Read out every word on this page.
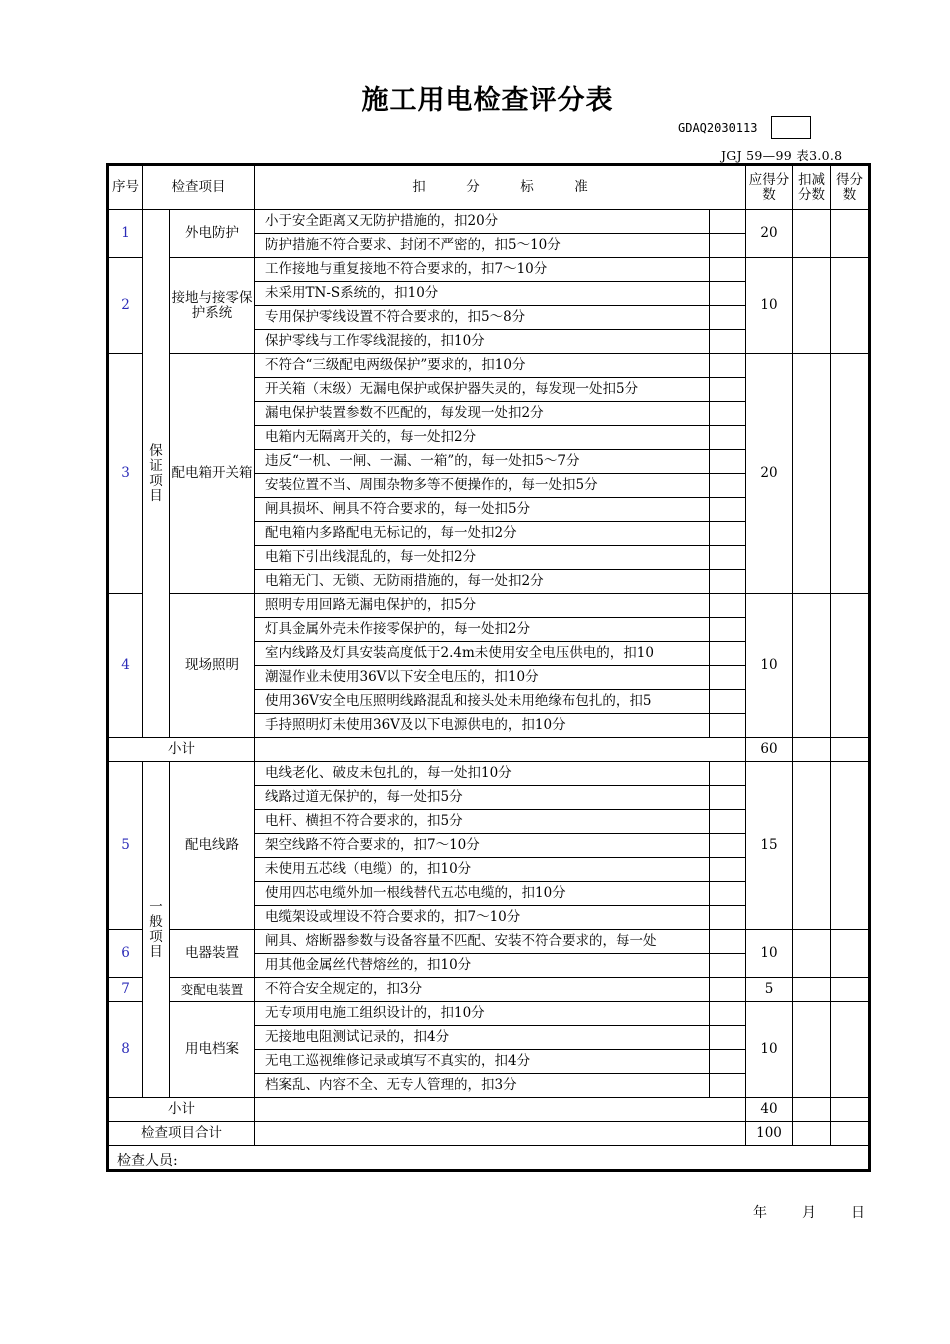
施工用电检查评分表
GDAQ2030113
JGJ 59—99 表3.0.8
序号	检查项目		扣　　　分　　　标　　　准		应得分数	扣减分数	得分数
1	保证项目	外电防护	小于安全距离又无防护措施的，扣20分		20		
			防护措施不符合要求、封闭不严密的，扣5～10分				
2		接地与接零保护系统	工作接地与重复接地不符合要求的，扣7～10分		10		
			未采用TN-S系统的，扣10分				
			专用保护零线设置不符合要求的，扣5～8分				
			保护零线与工作零线混接的，扣10分				
3		配电箱开关箱	不符合“三级配电两级保护”要求的，扣10分		20		
			开关箱（末级）无漏电保护或保护器失灵的，每发现一处扣5分				
			漏电保护装置参数不匹配的，每发现一处扣2分				
			电箱内无隔离开关的，每一处扣2分				
			违反“一机、一闸、一漏、一箱”的，每一处扣5～7分				
			安装位置不当、周围杂物多等不便操作的，每一处扣5分				
			闸具损坏、闸具不符合要求的，每一处扣5分				
			配电箱内多路配电无标记的，每一处扣2分				
			电箱下引出线混乱的，每一处扣2分				
			电箱无门、无锁、无防雨措施的，每一处扣2分				
4		现场照明	照明专用回路无漏电保护的，扣5分		10		
			灯具金属外壳未作接零保护的，每一处扣2分				
			室内线路及灯具安装高度低于2.4m未使用安全电压供电的，扣10				
			潮湿作业未使用36V以下安全电压的，扣10分				
			使用36V安全电压照明线路混乱和接头处未用绝缘布包扎的，扣5				
			手持照明灯未使用36V及以下电源供电的，扣10分				
小计					60		
5	一般项目	配电线路	电线老化、破皮未包扎的，每一处扣10分		15		
			线路过道无保护的，每一处扣5分				
			电杆、横担不符合要求的，扣5分				
			架空线路不符合要求的，扣7～10分				
			未使用五芯线（电缆）的，扣10分				
			使用四芯电缆外加一根线替代五芯电缆的，扣10分				
			电缆架设或埋设不符合要求的，扣7～10分				
6		电器装置	闸具、熔断器参数与设备容量不匹配、安装不符合要求的，每一处		10		
			用其他金属丝代替熔丝的，扣10分				
7		变配电装置	不符合安全规定的，扣3分		5		
8		用电档案	无专项用电施工组织设计的，扣10分		10		
			无接地电阻测试记录的，扣4分				
			无电工巡视维修记录或填写不真实的，扣4分				
			档案乱、内容不全、无专人管理的，扣3分				
小计					40		
检查项目合计					100		

检查人员:
年	月	日
